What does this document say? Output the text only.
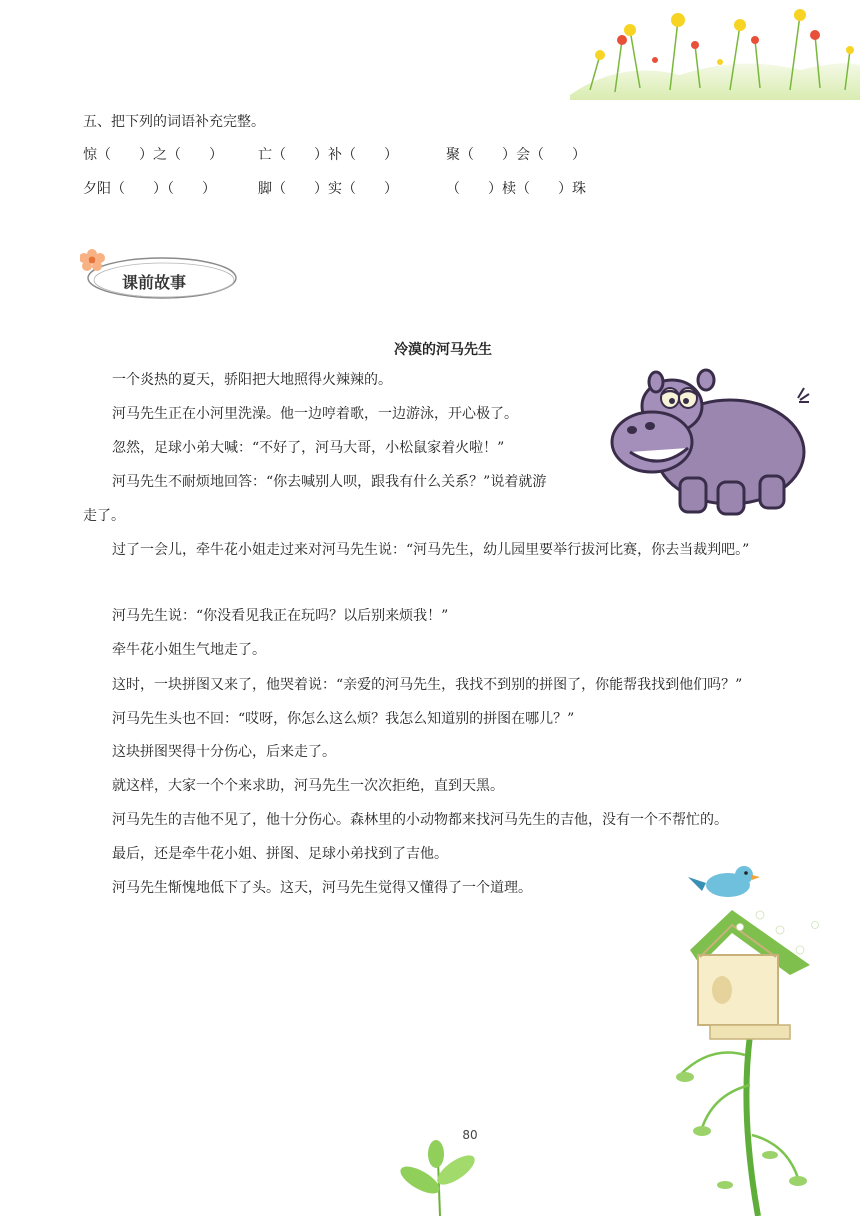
五、把下列的词语补充完整。
惊（　　）之（　　）	亡（　　）补（　　）	聚（　　）会（　　）
夕阳（　　）（　　）	脚（　　）实（　　）	（　　）椟（　　）珠
课前故事
冷漠的河马先生
一个炎热的夏天，骄阳把大地照得火辣辣的。
河马先生正在小河里洗澡。他一边哼着歌，一边游泳，开心极了。
忽然，足球小弟大喊：“不好了，河马大哥，小松鼠家着火啦！”
河马先生不耐烦地回答：“你去喊别人呗，跟我有什么关系？”说着就游
走了。
过了一会儿，牵牛花小姐走过来对河马先生说：“河马先生，幼儿园里要举行拔河比赛，你去当裁判吧。”
河马先生说：“你没看见我正在玩吗？以后别来烦我！”
牵牛花小姐生气地走了。
这时，一块拼图又来了，他哭着说：“亲爱的河马先生，我找不到别的拼图了，你能帮我找到他们吗？”
河马先生头也不回：“哎呀，你怎么这么烦？我怎么知道别的拼图在哪儿？”
这块拼图哭得十分伤心，后来走了。
就这样，大家一个个来求助，河马先生一次次拒绝，直到天黑。
河马先生的吉他不见了，他十分伤心。森林里的小动物都来找河马先生的吉他，没有一个不帮忙的。
最后，还是牵牛花小姐、拼图、足球小弟找到了吉他。
河马先生惭愧地低下了头。这天，河马先生觉得又懂得了一个道理。
80
